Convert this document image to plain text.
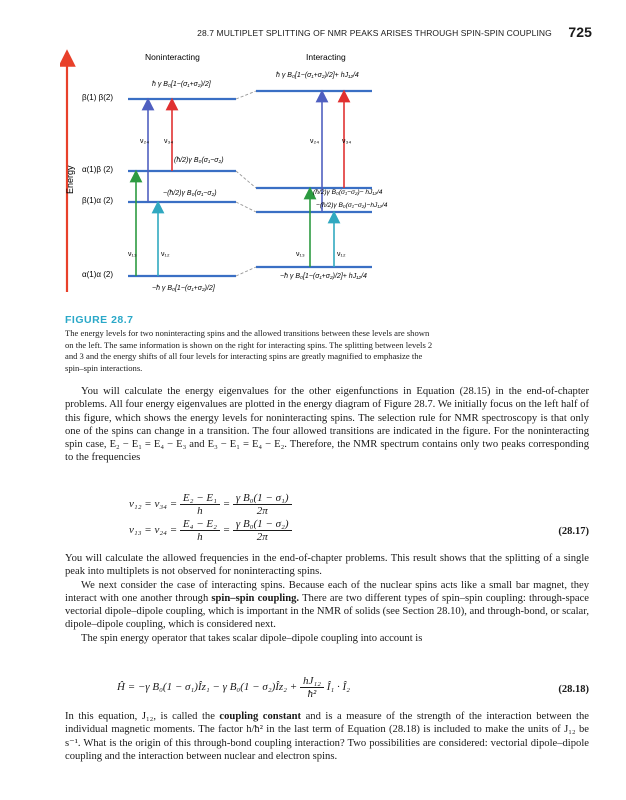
28.7 MULTIPLET SPLITTING OF NMR PEAKS ARISES THROUGH SPIN-SPIN COUPLING 725
Energy
Noninteracting	Interacting
β(1) β(2)
α(1)β (2)
β(1)α (2)
α(1)α (2)
ν₂₄ ν₃₄
ν₁₃	ν₁₂
ν₂₄	ν₃₄
ν₁₃	ν₁₂
ħ γ B₀[1−(σ₁+σ₂)/2]
(ħ/2)γ B₀(σ₁−σ₂)
−(ħ/2)γ B₀(σ₁−σ₂)
−ħ γ B₀[1−(σ₁+σ₂)/2]
ħ γ B₀[1−(σ₁+σ₂)/2]+ hJ₁₂/4
(ħ/2)γ B₀(σ₁−σ₂)− hJ₁₂/4
−(ħ/2)γ B₀(σ₁−σ₂)−hJ₁₂/4
−ħ γ B₀[1−(σ₁+σ₂)/2]+ hJ₁₂/4
FIGURE 28.7
The energy levels for two noninteracting spins and the allowed transitions between these levels are shown on the left. The same information is shown on the right for interacting spins. The splitting between levels 2 and 3 and the energy shifts of all four levels for interacting spins are greatly magnified to emphasize the spin–spin interactions.

You will calculate the energy eigenvalues for the other eigenfunctions in Equation (28.15) in the end-of-chapter problems. All four energy eigenvalues are plotted in the energy diagram of Figure 28.7. We initially focus on the left half of this figure, which shows the energy levels for noninteracting spins. The selection rule for NMR spectroscopy is that only one of the spins can change in a transition. The four allowed transitions are indicated in the figure. For the noninteracting spin case, E₂ − E₁ = E₄ − E₃ and E₃ − E₁ = E₄ − E₂. Therefore, the NMR spectrum contains only two peaks corresponding to the frequencies

$\nu_{12} = \nu_{34} = \frac{\text{E₂ − E₁}}{h} = \frac{\text{γ B₀(1 − σ₁)}}{2\pi}$
$\nu_{13} = \nu_{24} = \frac{\text{E₄ − E₂}}{h} = \frac{\text{γ B₀(1 − σ₂)}}{2\pi}$	(28.17)

You will calculate the allowed frequencies in the end-of-chapter problems. This result shows that the splitting of a single peak into multiplets is not observed for noninteracting spins.

We next consider the case of interacting spins. Because each of the nuclear spins acts like a small bar magnet, they interact with one another through spin–spin coupling. There are two different types of spin–spin coupling: through-space vectorial dipole–dipole coupling, which is important in the NMR of solids (see Section 28.10), and through-bond, or scalar, dipole–dipole coupling, which is considered next.

The spin energy operator that takes scalar dipole–dipole coupling into account is

Ĥ = −γ B₀(1 − σ₁)Îz₁ − γ B₀(1 − σ₂)Îz₂ + $\frac{\text{hJ₁₂}}{\text{ħ²}}$ Î₁ · Î₂	(28.18)

In this equation, J₁₂, is called the coupling constant and is a measure of the strength of the interaction between the individual magnetic moments. The factor h/ħ² in the last term of Equation (28.18) is included to make the units of J₁₂ be s⁻¹. What is the origin of this through-bond coupling interaction? Two possibilities are considered: vectorial dipole–dipole coupling and the interaction between nuclear and electron spins.
